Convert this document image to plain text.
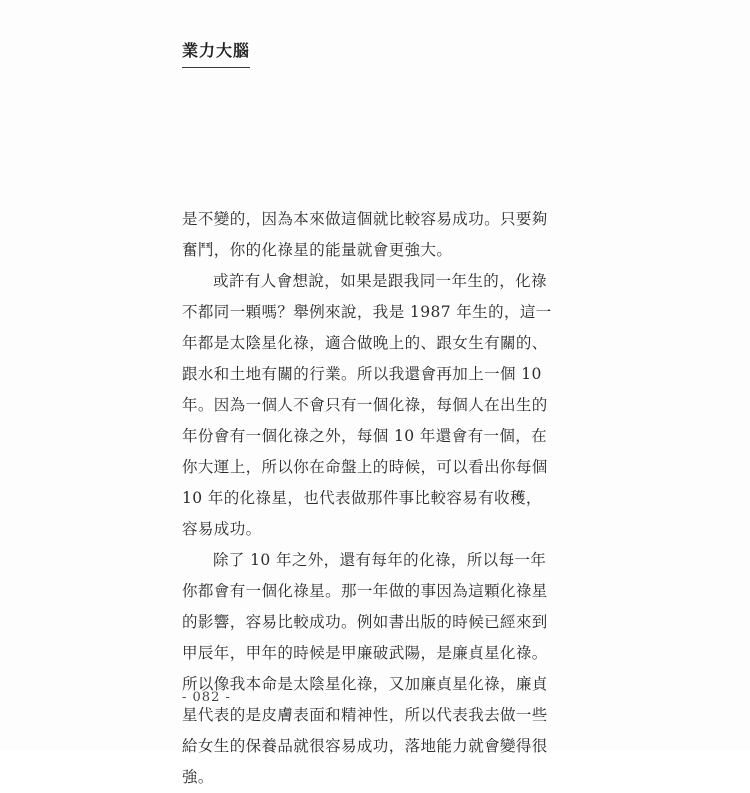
業力大腦

是不變的，因為本來做這個就比較容易成功。只要夠奮鬥，你的化祿星的能量就會更強大。

或許有人會想說，如果是跟我同一年生的，化祿不都同一顆嗎？舉例來說，我是 1987 年生的，這一年都是太陰星化祿，適合做晚上的、跟女生有關的、跟水和土地有關的行業。所以我還會再加上一個 10 年。因為一個人不會只有一個化祿，每個人在出生的年份會有一個化祿之外，每個 10 年還會有一個，在你大運上，所以你在命盤上的時候，可以看出你每個 10 年的化祿星，也代表做那件事比較容易有收穫，容易成功。

除了 10 年之外，還有每年的化祿，所以每一年你都會有一個化祿星。那一年做的事因為這顆化祿星的影響，容易比較成功。例如書出版的時候已經來到甲辰年，甲年的時候是甲廉破武陽，是廉貞星化祿。所以像我本命是太陰星化祿，又加廉貞星化祿，廉貞星代表的是皮膚表面和精神性，所以代表我去做一些給女生的保養品就很容易成功，落地能力就會變得很強。

- 082 -
